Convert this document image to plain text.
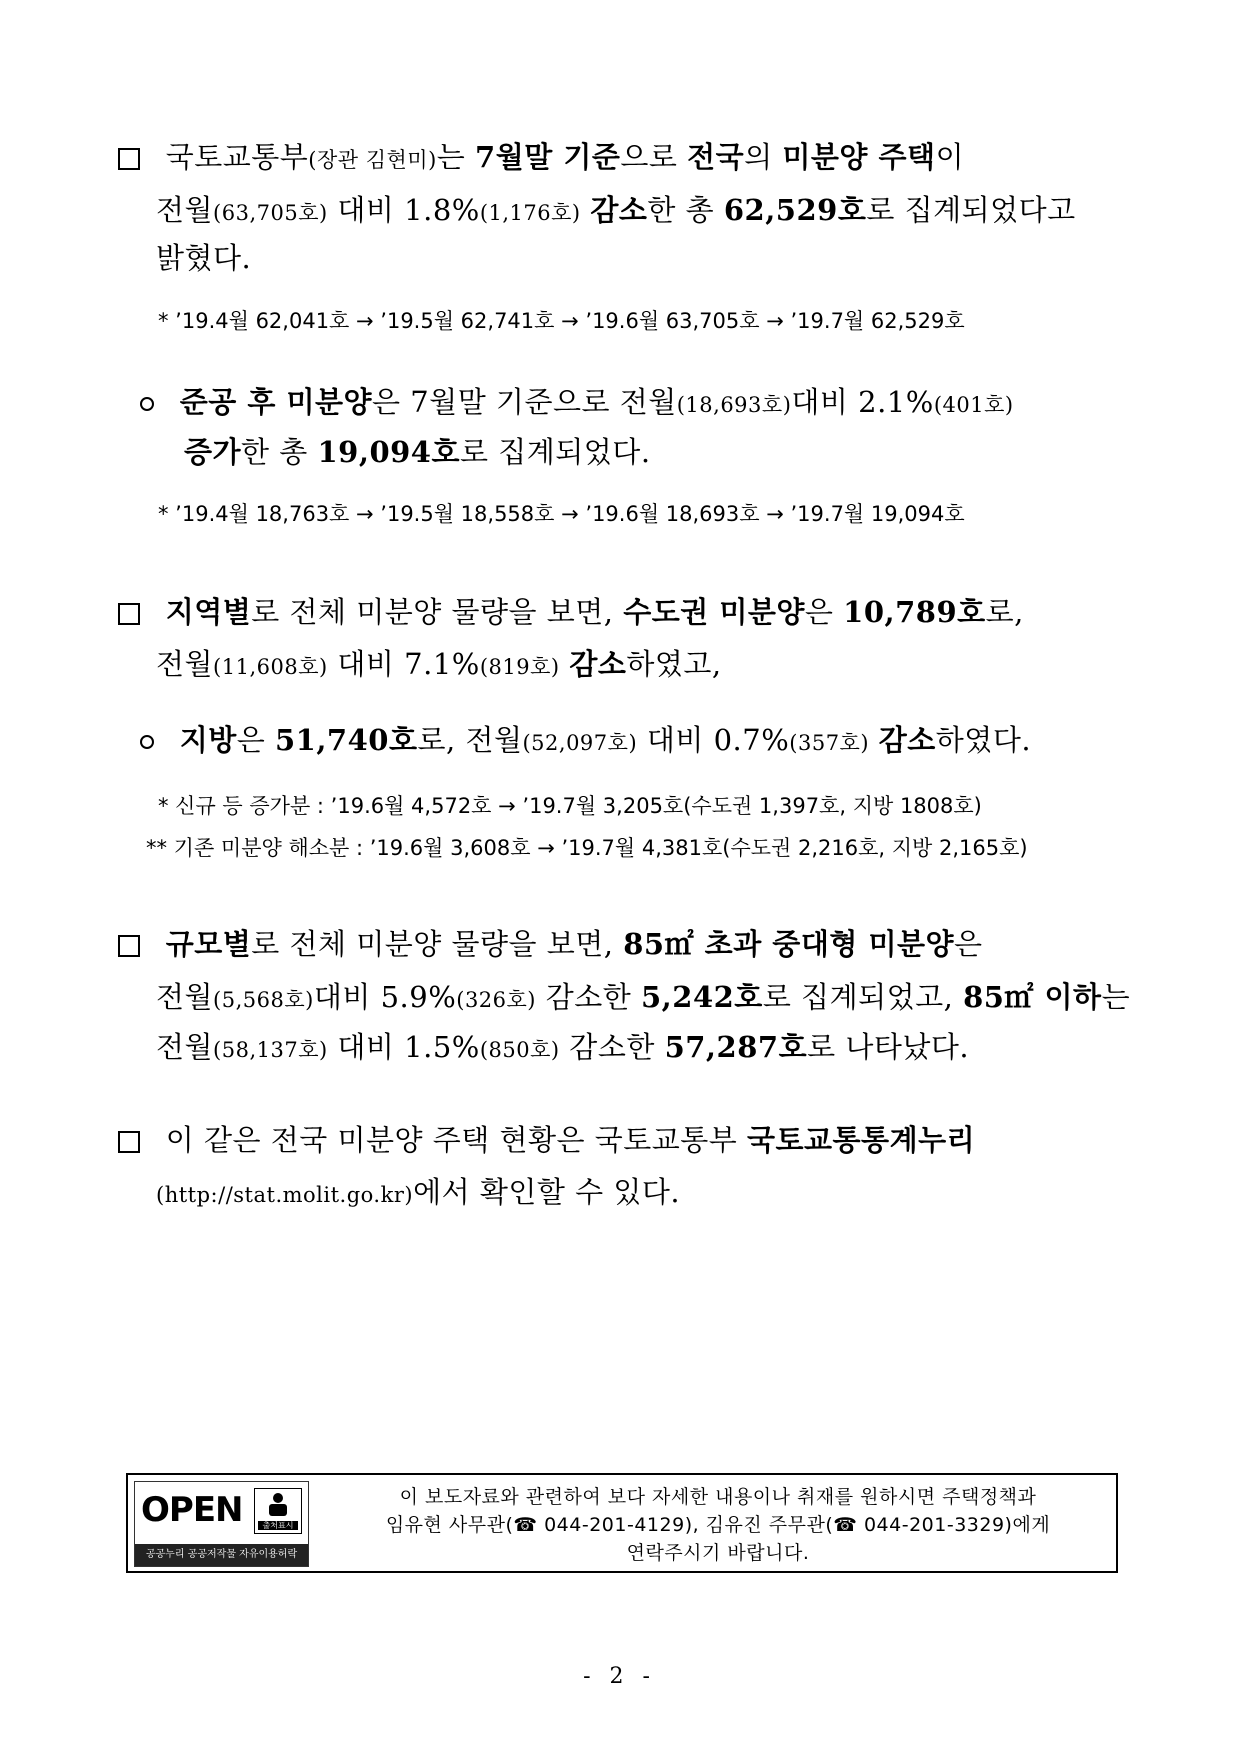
국토교통부(장관 김현미)는 7월말 기준으로 전국의 미분양 주택이
전월(63,705호) 대비 1.8%(1,176호) 감소한 총 62,529호로 집계되었다고
밝혔다.
* ’19.4월 62,041호 → ’19.5월 62,741호 → ’19.6월 63,705호 → ’19.7월 62,529호
준공 후 미분양은 7월말 기준으로 전월(18,693호)대비 2.1%(401호)
증가한 총 19,094호로 집계되었다.
* ’19.4월 18,763호 → ’19.5월 18,558호 → ’19.6월 18,693호 → ’19.7월 19,094호
지역별로 전체 미분양 물량을 보면, 수도권 미분양은 10,789호로,
전월(11,608호) 대비 7.1%(819호) 감소하였고,
지방은 51,740호로, 전월(52,097호) 대비 0.7%(357호) 감소하였다.
* 신규 등 증가분 : ’19.6월 4,572호 → ’19.7월 3,205호(수도권 1,397호, 지방 1808호)
** 기존 미분양 해소분 : ’19.6월 3,608호 → ’19.7월 4,381호(수도권 2,216호, 지방 2,165호)
규모별로 전체 미분양 물량을 보면, 85㎡ 초과 중대형 미분양은
전월(5,568호)대비 5.9%(326호) 감소한 5,242호로 집계되었고, 85㎡ 이하는
전월(58,137호) 대비 1.5%(850호) 감소한 57,287호로 나타났다.
이 같은 전국 미분양 주택 현황은 국토교통부 국토교통통계누리
(http://stat.molit.go.kr)에서 확인할 수 있다.
OPEN	출처표시
공공누리 공공저작물 자유이용허락
이 보도자료와 관련하여 보다 자세한 내용이나 취재를 원하시면 주택정책과
임유현 사무관(☎ 044-201-4129), 김유진 주무관(☎ 044-201-3329)에게
연락주시기 바랍니다.
- 2 -
